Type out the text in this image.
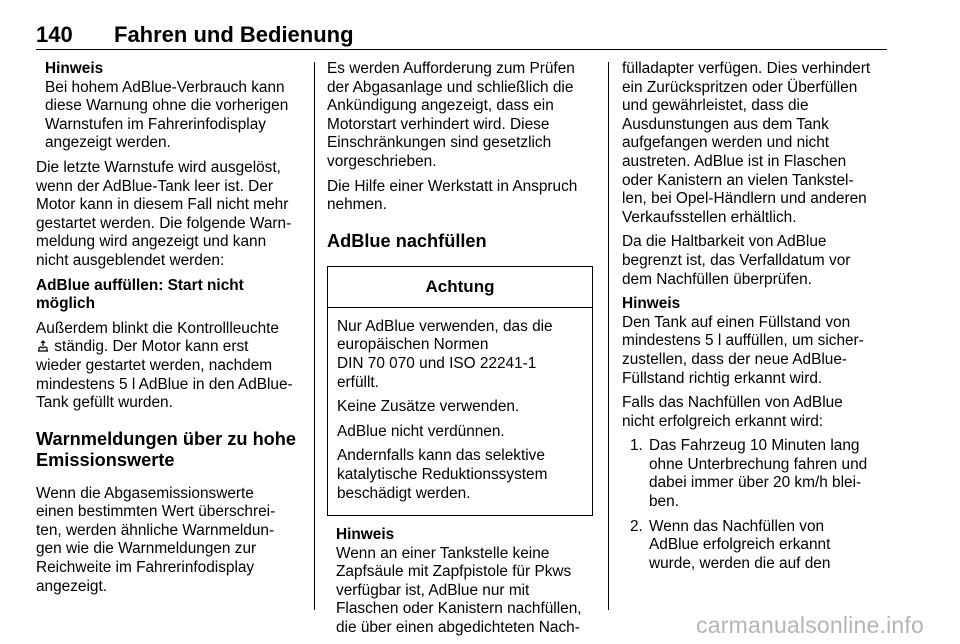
140 Fahren und Bedienung
Hinweis
Bei hohem AdBlue-Verbrauch kann
diese Warnung ohne die vorherigen
Warnstufen im Fahrerinfodisplay
angezeigt werden.

Die letzte Warnstufe wird ausgelöst,
wenn der AdBlue-Tank leer ist. Der
Motor kann in diesem Fall nicht mehr
gestartet werden. Die folgende Warn-
meldung wird angezeigt und kann
nicht ausgeblendet werden:

AdBlue auffüllen: Start nicht möglich

Außerdem blinkt die Kontrollleuchte
ständig. Der Motor kann erst
wieder gestartet werden, nachdem
mindestens 5 l AdBlue in den AdBlue-
Tank gefüllt wurden.

Warnmeldungen über zu hohe
Emissionswerte

Wenn die Abgasemissionswerte
einen bestimmten Wert überschrei-
ten, werden ähnliche Warnmeldun-
gen wie die Warnmeldungen zur
Reichweite im Fahrerinfodisplay
angezeigt.

Es werden Aufforderung zum Prüfen
der Abgasanlage und schließlich die
Ankündigung angezeigt, dass ein
Motorstart verhindert wird. Diese
Einschränkungen sind gesetzlich
vorgeschrieben.

Die Hilfe einer Werkstatt in Anspruch
nehmen.

AdBlue nachfüllen
Achtung

Nur AdBlue verwenden, das die
europäischen Normen
DIN 70 070 und ISO 22241-1
erfüllt.

Keine Zusätze verwenden.

AdBlue nicht verdünnen.

Andernfalls kann das selektive
katalytische Reduktionssystem
beschädigt werden.

Hinweis
Wenn an einer Tankstelle keine
Zapfsäule mit Zapfpistole für Pkws
verfügbar ist, AdBlue nur mit
Flaschen oder Kanistern nachfüllen,
die über einen abgedichteten Nach-

fülladapter verfügen. Dies verhindert
ein Zurückspritzen oder Überfüllen
und gewährleistet, dass die
Ausdunstungen aus dem Tank
aufgefangen werden und nicht
austreten. AdBlue ist in Flaschen
oder Kanistern an vielen Tankstel-
len, bei Opel-Händlern und anderen
Verkaufsstellen erhältlich.

Da die Haltbarkeit von AdBlue
begrenzt ist, das Verfalldatum vor
dem Nachfüllen überprüfen.

Hinweis
Den Tank auf einen Füllstand von
mindestens 5 l auffüllen, um sicher-
zustellen, dass der neue AdBlue-
Füllstand richtig erkannt wird.

Falls das Nachfüllen von AdBlue
nicht erfolgreich erkannt wird:

1. Das Fahrzeug 10 Minuten lang
ohne Unterbrechung fahren und
dabei immer über 20 km/h blei-
ben.
2. Wenn das Nachfüllen von
AdBlue erfolgreich erkannt
wurde, werden die auf den
carmanualsonline.info
